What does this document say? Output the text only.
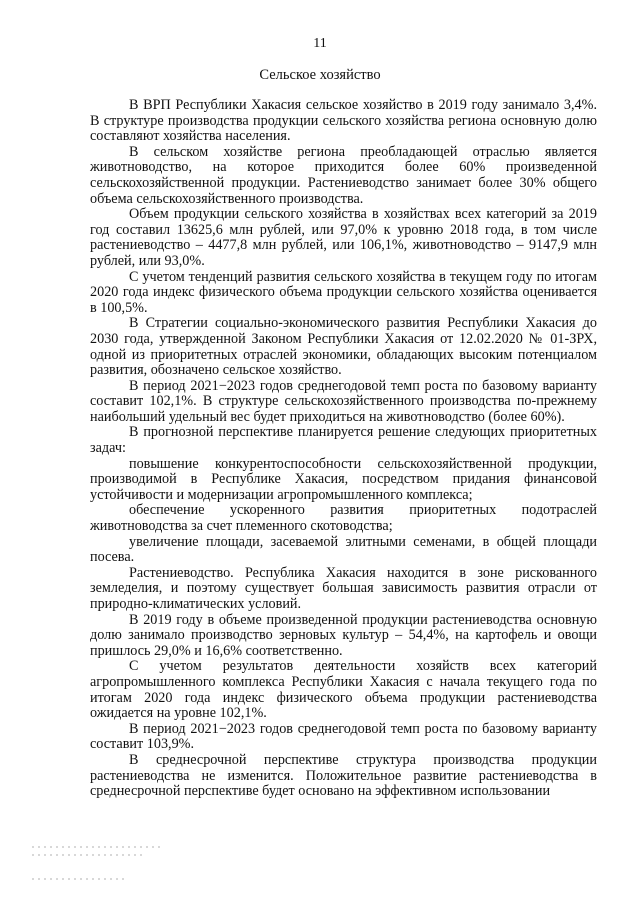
11
Сельское хозяйство

В ВРП Республики Хакасия сельское хозяйство в 2019 году занимало 3,4%. В структуре производства продукции сельского хозяйства региона основную долю составляют хозяйства населения.

В сельском хозяйстве региона преобладающей отраслью является животноводство, на которое приходится более 60% произведенной сельскохозяйственной продукции. Растениеводство занимает более 30% общего объема сельскохозяйственного производства.

Объем продукции сельского хозяйства в хозяйствах всех категорий за 2019 год составил 13625,6 млн рублей, или 97,0% к уровню 2018 года, в том числе растениеводство – 4477,8 млн рублей, или 106,1%, животноводство – 9147,9 млн рублей, или 93,0%.

С учетом тенденций развития сельского хозяйства в текущем году по итогам 2020 года индекс физического объема продукции сельского хозяйства оценивается в 100,5%.

В Стратегии социально-экономического развития Республики Хакасия до 2030 года, утвержденной Законом Республики Хакасия от 12.02.2020 № 01-ЗРХ, одной из приоритетных отраслей экономики, обладающих высоким потенциалом развития, обозначено сельское хозяйство.

В период 2021−2023 годов среднегодовой темп роста по базовому варианту составит 102,1%. В структуре сельскохозяйственного производства по-прежнему наибольший удельный вес будет приходиться на животноводство (более 60%).

В прогнозной перспективе планируется решение следующих приоритетных задач:

повышение конкурентоспособности сельскохозяйственной продукции, производимой в Республике Хакасия, посредством придания финансовой устойчивости и модернизации агропромышленного комплекса;

обеспечение ускоренного развития приоритетных подотраслей животноводства за счет племенного скотоводства;

увеличение площади, засеваемой элитными семенами, в общей площади посева.

Растениеводство. Республика Хакасия находится в зоне рискованного земледелия, и поэтому существует большая зависимость развития отрасли от природно-климатических условий.

В 2019 году в объеме произведенной продукции растениеводства основную долю занимало производство зерновых культур – 54,4%, на картофель и овощи пришлось 29,0% и 16,6% соответственно.

С учетом результатов деятельности хозяйств всех категорий агропромышленного комплекса Республики Хакасия с начала текущего года по итогам 2020 года индекс физического объема продукции растениеводства ожидается на уровне 102,1%.

В период 2021−2023 годов среднегодовой темп роста по базовому варианту составит 103,9%.

В среднесрочной перспективе структура производства продукции растениеводства не изменится. Положительное развитие растениеводства в среднесрочной перспективе будет основано на эффективном использовании
